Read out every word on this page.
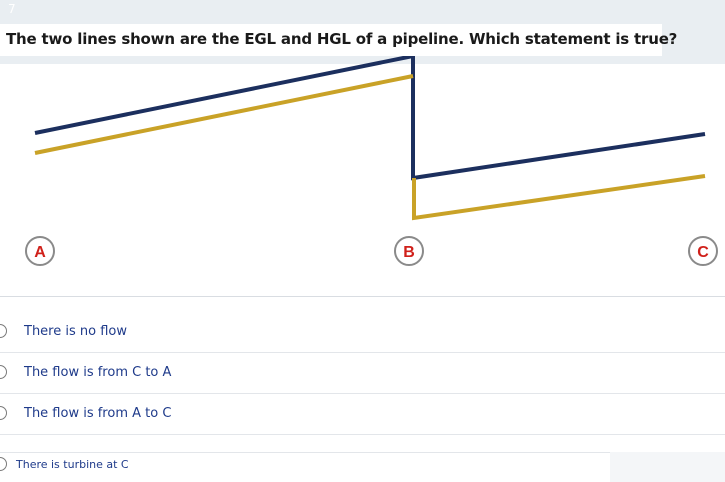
7
The two lines shown are the EGL and HGL of a pipeline. Which statement is true?
A	B	C
There is no flow
The flow is from C to A
The flow is from A to C
There is turbine at C
